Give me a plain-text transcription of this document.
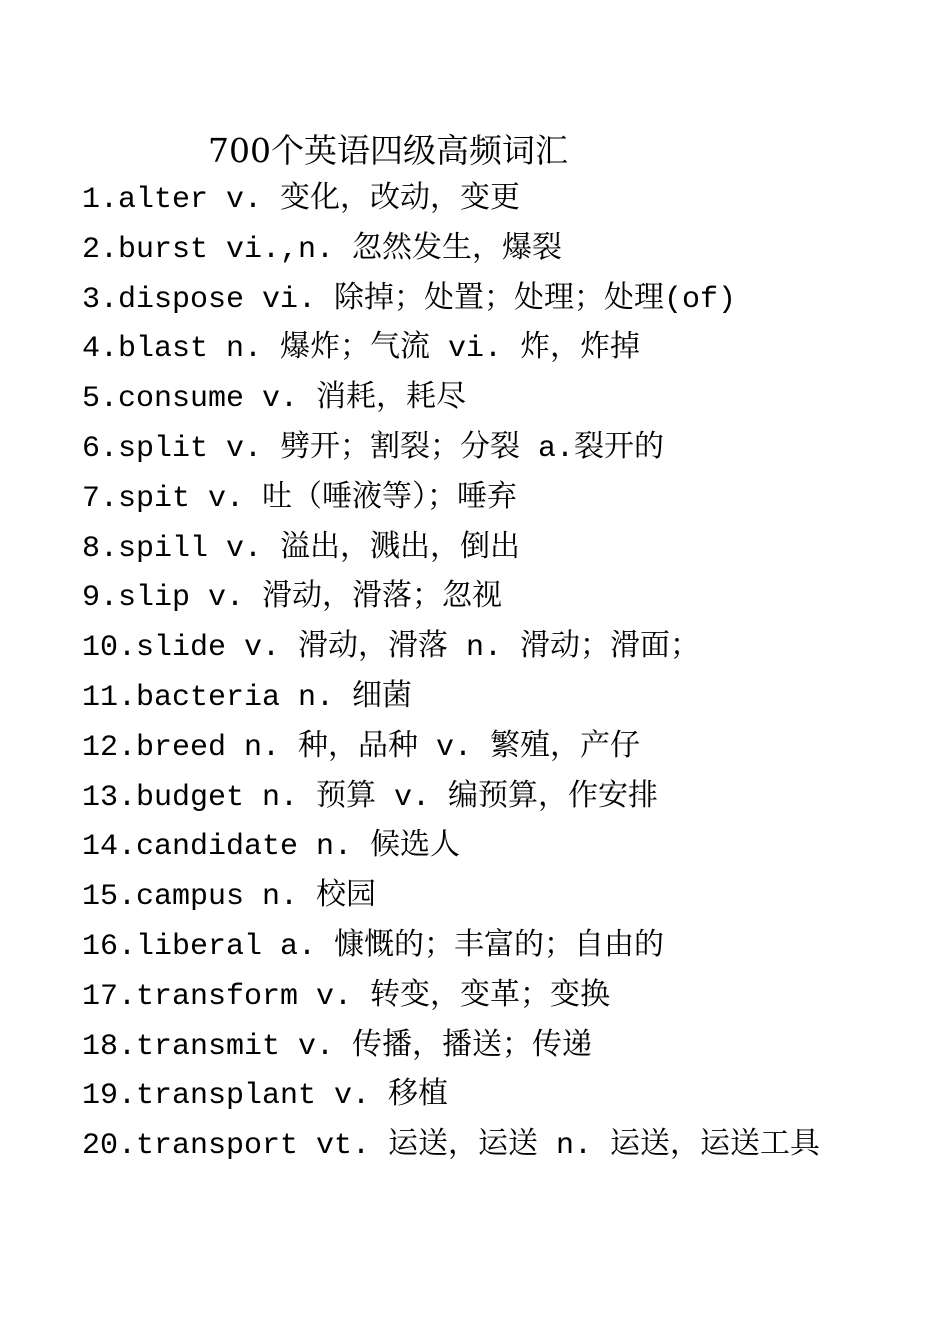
700个英语四级高频词汇
1.alter v. 变化，改动，变更
2.burst vi.,n. 忽然发生，爆裂
3.dispose vi. 除掉；处置；处理；处理(of)
4.blast n. 爆炸；气流 vi. 炸，炸掉
5.consume v. 消耗，耗尽
6.split v. 劈开；割裂；分裂 a.裂开的
7.spit v. 吐（唾液等）；唾弃
8.spill v. 溢出，溅出，倒出
9.slip v. 滑动，滑落；忽视
10.slide v. 滑动，滑落 n. 滑动；滑面；
11.bacteria n. 细菌
12.breed n. 种，品种 v. 繁殖，产仔
13.budget n. 预算 v. 编预算，作安排
14.candidate n. 候选人
15.campus n. 校园
16.liberal a. 慷慨的；丰富的；自由的
17.transform v. 转变，变革；变换
18.transmit v. 传播，播送；传递
19.transplant v. 移植
20.transport vt. 运送，运送 n. 运送，运送工具
